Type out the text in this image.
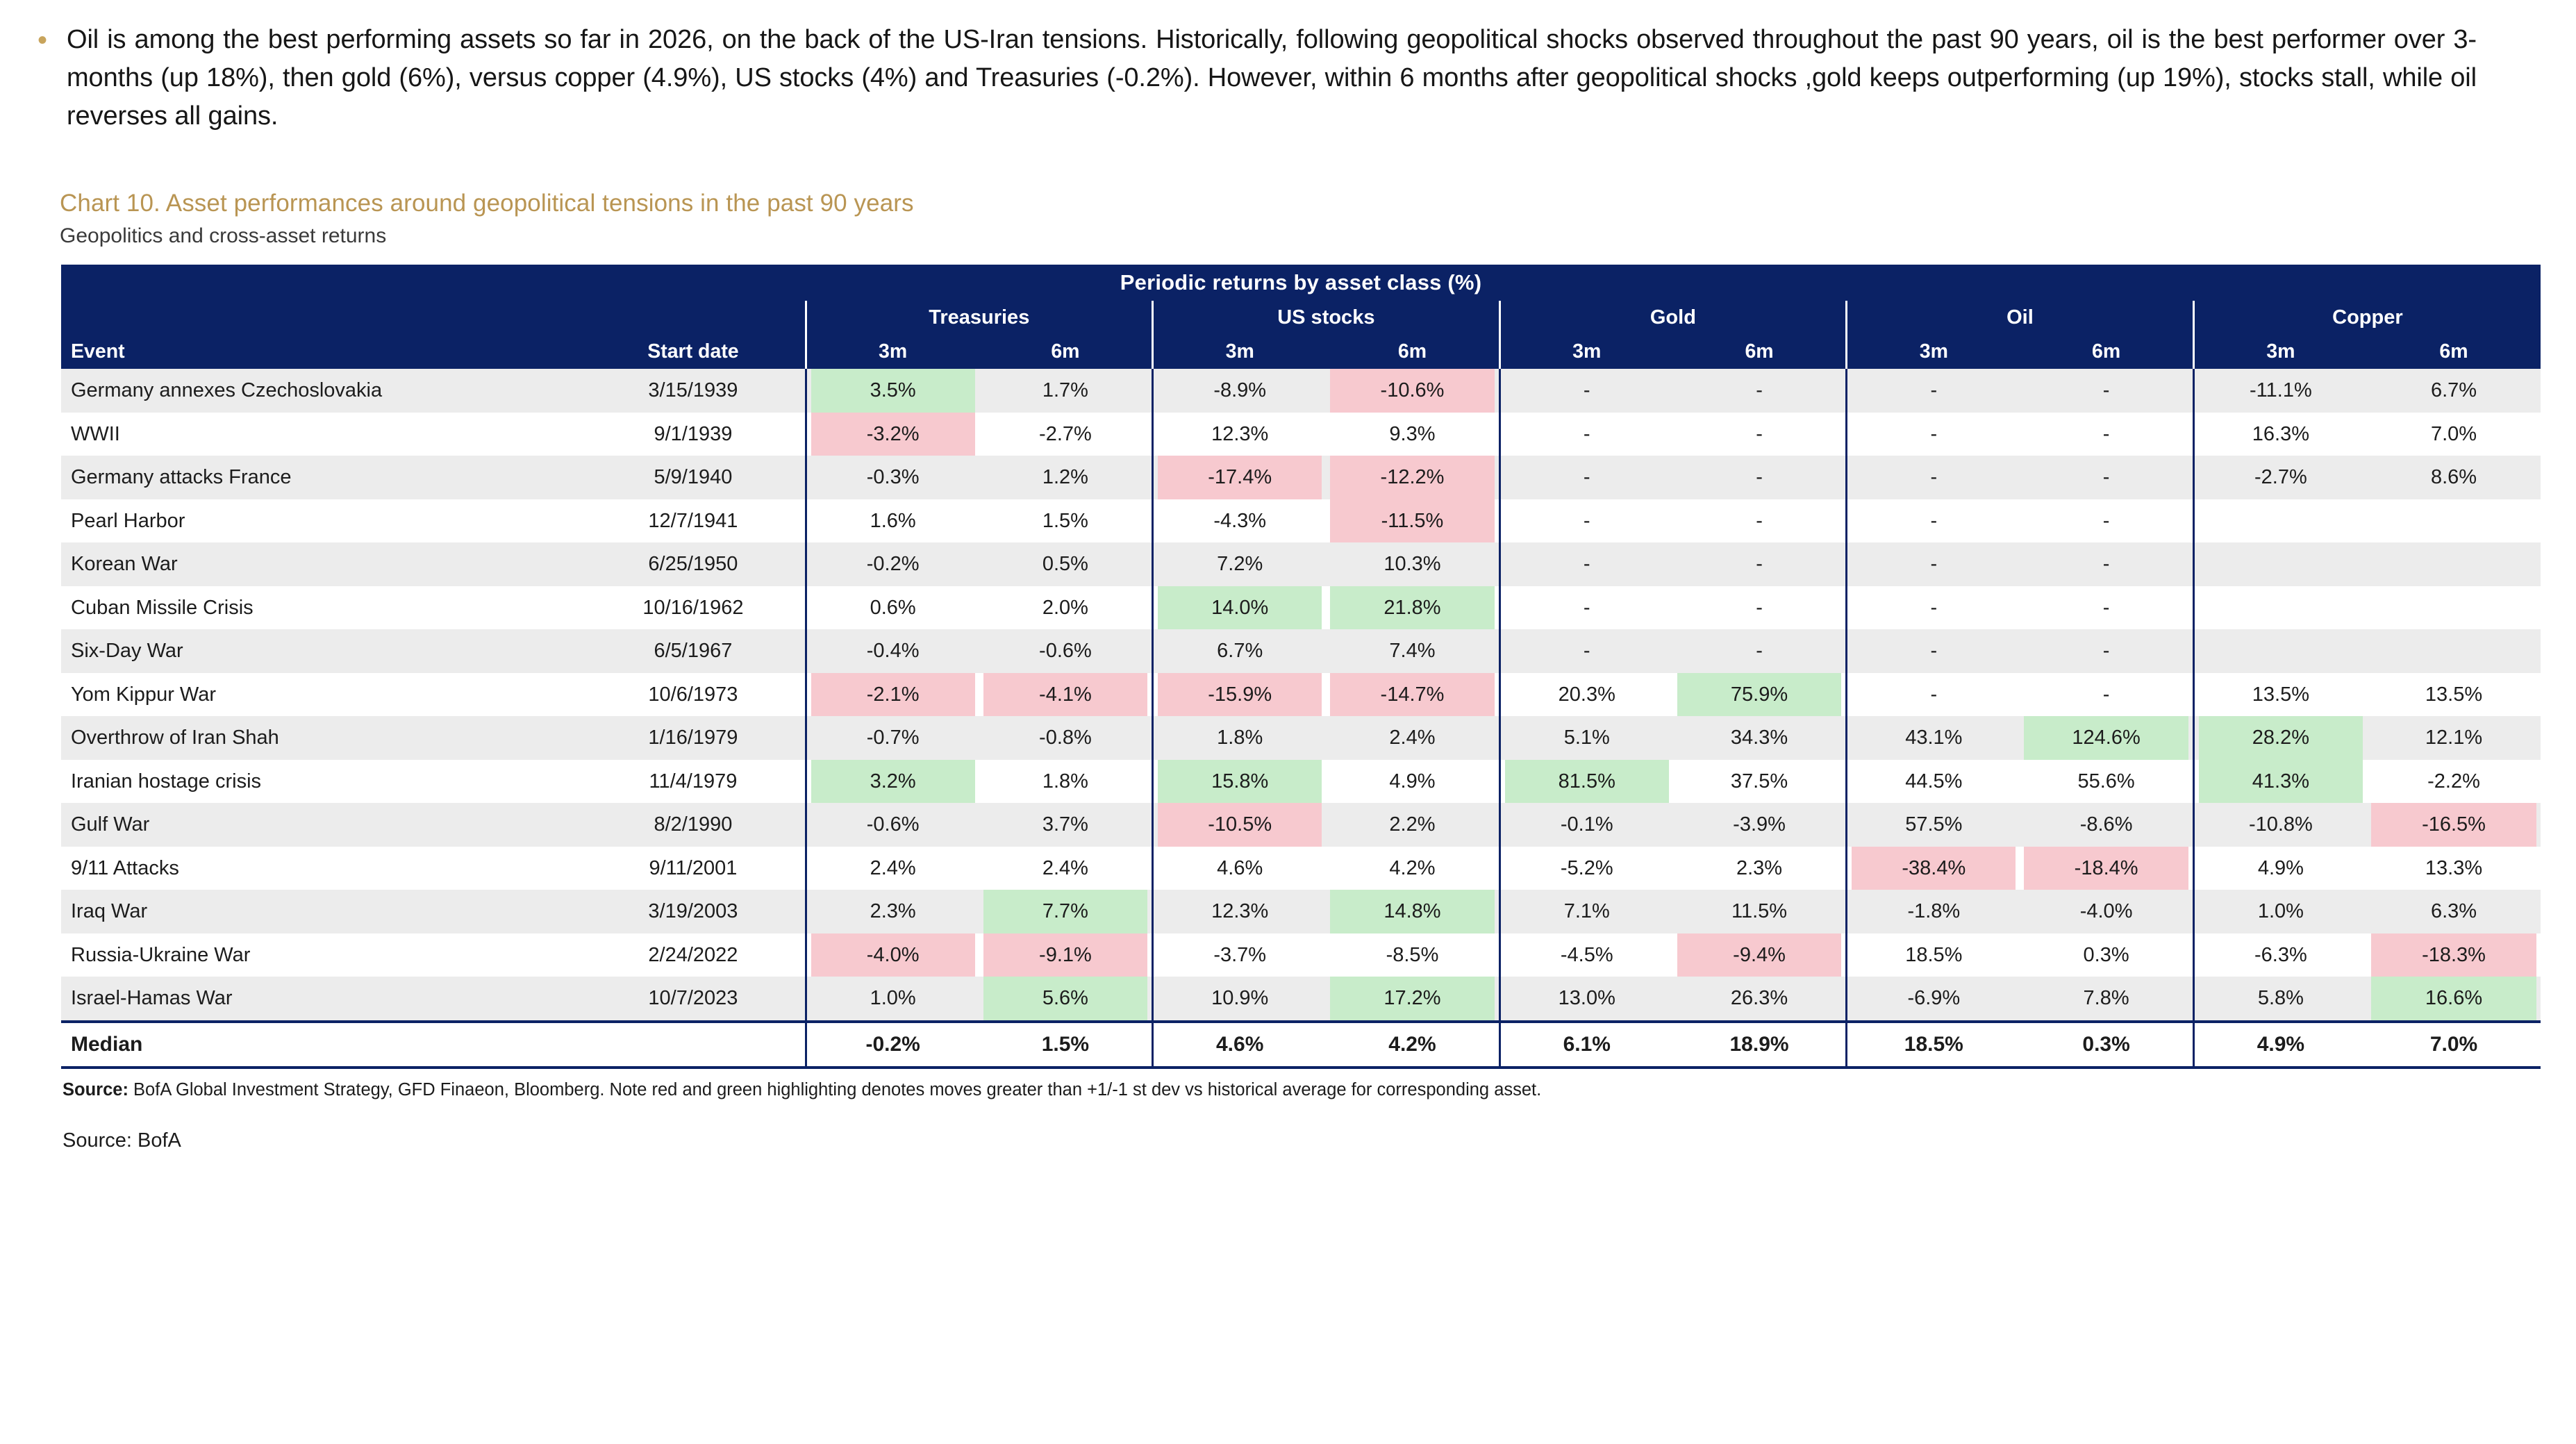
• Oil is among the best performing assets so far in 2026, on the back of the US-Iran tensions. Historically, following geopolitical shocks observed throughout the past 90 years, oil is the best performer over 3-months (up 18%), then gold (6%), versus copper (4.9%), US stocks (4%) and Treasuries (-0.2%). However, within 6 months after geopolitical shocks ,gold keeps outperforming (up 19%), stocks stall, while oil reverses all gains.
Chart 10. Asset performances around geopolitical tensions in the past 90 years
Geopolitics and cross-asset returns
Periodic returns by asset class (%)											
		Treasuries		US stocks		Gold		Oil		Copper	
Event	Start date	3m	6m	3m	6m	3m	6m	3m	6m	3m	6m
Germany annexes Czechoslovakia	3/15/1939	3.5%	1.7%	-8.9%	-10.6%	-	-	-	-	-11.1%	6.7%

WWII	9/1/1939	-3.2%	-2.7%	12.3%	9.3%	-	-	-	-	16.3%	7.0%

Germany attacks France	5/9/1940	-0.3%	1.2%	-17.4%	-12.2%	-	-	-	-	-2.7%	8.6%

Pearl Harbor	12/7/1941	1.6%	1.5%	-4.3%	-11.5%	-	-	-	-		

Korean War	6/25/1950	-0.2%	0.5%	7.2%	10.3%	-	-	-	-		

Cuban Missile Crisis	10/16/1962	0.6%	2.0%	14.0%	21.8%	-	-	-	-		

Six-Day War	6/5/1967	-0.4%	-0.6%	6.7%	7.4%	-	-	-	-		

Yom Kippur War	10/6/1973	-2.1%	-4.1%	-15.9%	-14.7%	20.3%	75.9%	-	-	13.5%	13.5%

Overthrow of Iran Shah	1/16/1979	-0.7%	-0.8%	1.8%	2.4%	5.1%	34.3%	43.1%	124.6%	28.2%	12.1%

Iranian hostage crisis	11/4/1979	3.2%	1.8%	15.8%	4.9%	81.5%	37.5%	44.5%	55.6%	41.3%	-2.2%

Gulf War	8/2/1990	-0.6%	3.7%	-10.5%	2.2%	-0.1%	-3.9%	57.5%	-8.6%	-10.8%	-16.5%

9/11 Attacks	9/11/2001	2.4%	2.4%	4.6%	4.2%	-5.2%	2.3%	-38.4%	-18.4%	4.9%	13.3%

Iraq War	3/19/2003	2.3%	7.7%	12.3%	14.8%	7.1%	11.5%	-1.8%	-4.0%	1.0%	6.3%

Russia-Ukraine War	2/24/2022	-4.0%	-9.1%	-3.7%	-8.5%	-4.5%	-9.4%	18.5%	0.3%	-6.3%	-18.3%

Israel-Hamas War	10/7/2023	1.0%	5.6%	10.9%	17.2%	13.0%	26.3%	-6.9%	7.8%	5.8%	16.6%

Median		-0.2%	1.5%	4.6%	4.2%	6.1%	18.9%	18.5%	0.3%	4.9%	7.0%
Source: BofA Global Investment Strategy, GFD Finaeon, Bloomberg. Note red and green highlighting denotes moves greater than +1/-1 st dev vs historical average for corresponding asset.
Source: BofA
